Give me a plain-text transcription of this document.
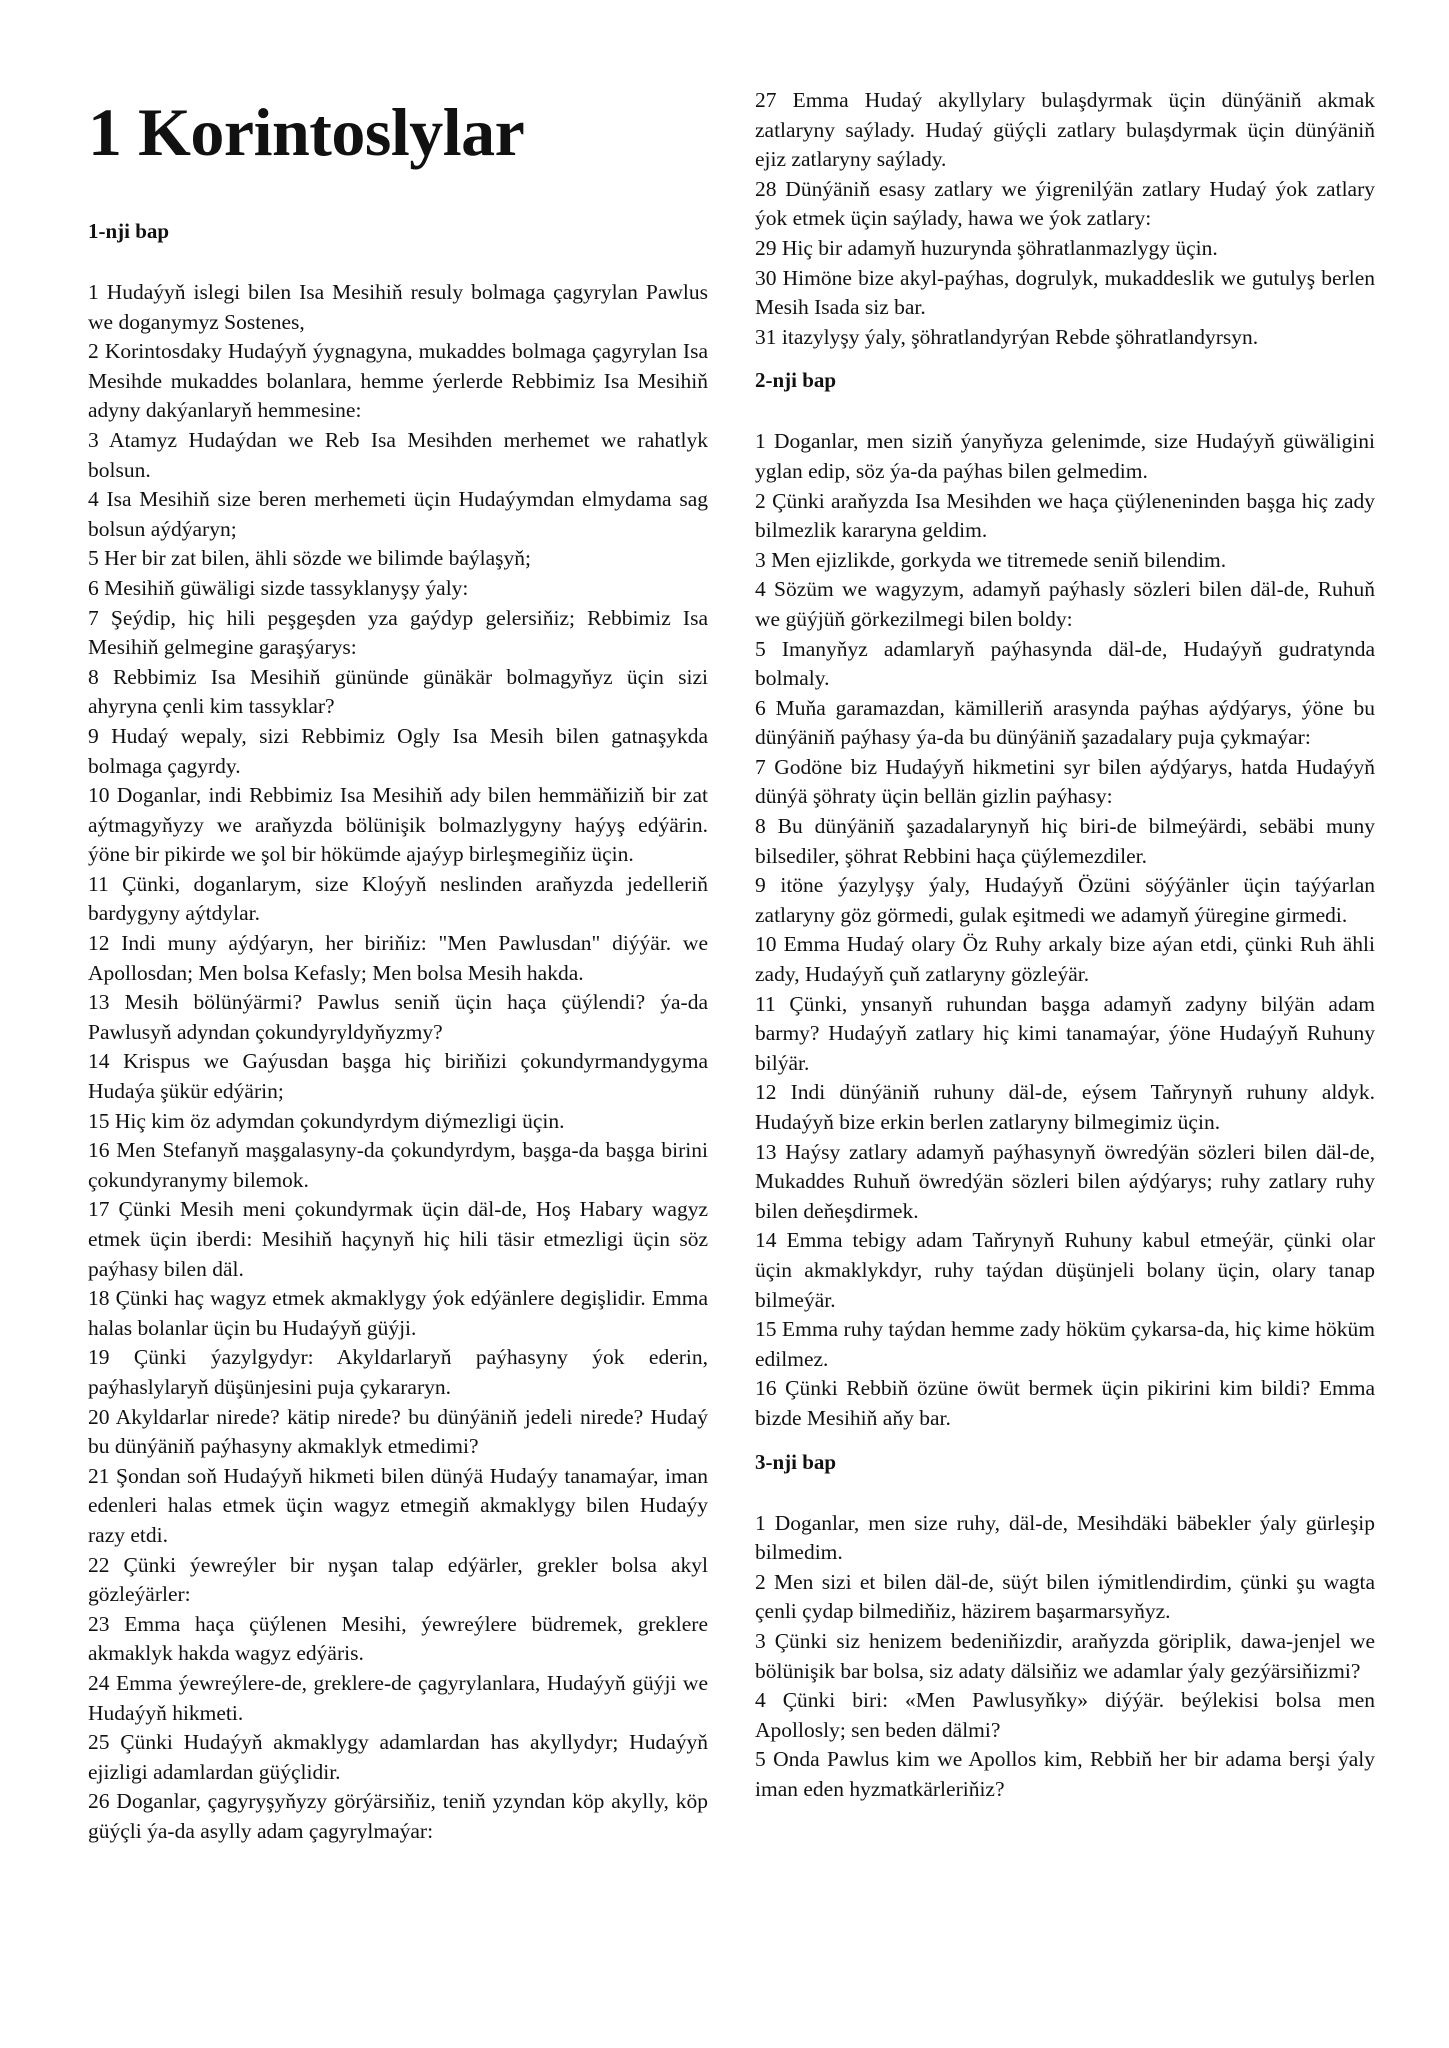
1 Korintoslylar
1-nji bap

1 Hudaýyň islegi bilen Isa Mesihiň resuly bolmaga çagyrylan Pawlus we doganymyz Sostenes,

2 Korintosdaky Hudaýyň ýygnagyna, mukaddes bolmaga çagyrylan Isa Mesihde mukaddes bolanlara, hemme ýerlerde Rebbimiz Isa Mesihiň adyny dakýanlaryň hemmesine:

3 Atamyz Hudaýdan we Reb Isa Mesihden merhemet we rahatlyk bolsun.

4 Isa Mesihiň size beren merhemeti üçin Hudaýymdan elmydama sag bolsun aýdýaryn;

5 Her bir zat bilen, ähli sözde we bilimde baýlaşyň;

6 Mesihiň güwäligi sizde tassyklanyşy ýaly:

7 Şeýdip, hiç hili peşgeşden yza gaýdyp gelersiňiz; Rebbimiz Isa Mesihiň gelmegine garaşýarys:

8 Rebbimiz Isa Mesihiň gününde günäkär bolmagyňyz üçin sizi ahyryna çenli kim tassyklar?

9 Hudaý wepaly, sizi Rebbimiz Ogly Isa Mesih bilen gatnaşykda bolmaga çagyrdy.

10 Doganlar, indi Rebbimiz Isa Mesihiň ady bilen hemmäňiziň bir zat aýtmagyňyzy we araňyzda bölünişik bolmazlygyny haýyş edýärin. ýöne bir pikirde we şol bir hökümde ajaýyp birleşmegiňiz üçin.

11 Çünki, doganlarym, size Kloýyň neslinden araňyzda jedelleriň bardygyny aýtdylar.

12 Indi muny aýdýaryn, her biriňiz: "Men Pawlusdan" diýýär. we Apollosdan; Men bolsa Kefasly; Men bolsa Mesih hakda.

13 Mesih bölünýärmi? Pawlus seniň üçin haça çüýlendi? ýa-da Pawlusyň adyndan çokundyryldyňyzmy?

14 Krispus we Gaýusdan başga hiç biriňizi çokundyrmandygyma Hudaýa şükür edýärin;

15 Hiç kim öz adymdan çokundyrdym diýmezligi üçin.

16 Men Stefanyň maşgalasyny-da çokundyrdym, başga-da başga birini çokundyranymy bilemok.

17 Çünki Mesih meni çokundyrmak üçin däl-de, Hoş Habary wagyz etmek üçin iberdi: Mesihiň haçynyň hiç hili täsir etmezligi üçin söz paýhasy bilen däl.

18 Çünki haç wagyz etmek akmaklygy ýok edýänlere degişlidir. Emma halas bolanlar üçin bu Hudaýyň güýji.

19 Çünki ýazylgydyr: Akyldarlaryň paýhasyny ýok ederin, paýhaslylaryň düşünjesini puja çykararyn.

20 Akyldarlar nirede? kätip nirede? bu dünýäniň jedeli nirede? Hudaý bu dünýäniň paýhasyny akmaklyk etmedimi?

21 Şondan soň Hudaýyň hikmeti bilen dünýä Hudaýy tanamaýar, iman edenleri halas etmek üçin wagyz etmegiň akmaklygy bilen Hudaýy razy etdi.

22 Çünki ýewreýler bir nyşan talap edýärler, grekler bolsa akyl gözleýärler:

23 Emma haça çüýlenen Mesihi, ýewreýlere büdremek, greklere akmaklyk hakda wagyz edýäris.

24 Emma ýewreýlere-de, greklere-de çagyrylanlara, Hudaýyň güýji we Hudaýyň hikmeti.

25 Çünki Hudaýyň akmaklygy adamlardan has akyllydyr; Hudaýyň ejizligi adamlardan güýçlidir.

26 Doganlar, çagyryşyňyzy görýärsiňiz, teniň yzyndan köp akylly, köp güýçli ýa-da asylly adam çagyrylmaýar:

27 Emma Hudaý akyllylary bulaşdyrmak üçin dünýäniň akmak zatlaryny saýlady. Hudaý güýçli zatlary bulaşdyrmak üçin dünýäniň ejiz zatlaryny saýlady.

28 Dünýäniň esasy zatlary we ýigrenilýän zatlary Hudaý ýok zatlary ýok etmek üçin saýlady, hawa we ýok zatlary:

29 Hiç bir adamyň huzurynda şöhratlanmazlygy üçin.

30 Himöne bize akyl-paýhas, dogrulyk, mukaddeslik we gutulyş berlen Mesih Isada siz bar.

31 itazylyşy ýaly, şöhratlandyrýan Rebde şöhratlandyrsyn.

2-nji bap

1 Doganlar, men siziň ýanyňyza gelenimde, size Hudaýyň güwäligini yglan edip, söz ýa-da paýhas bilen gelmedim.

2 Çünki araňyzda Isa Mesihden we haça çüýleneninden başga hiç zady bilmezlik kararyna geldim.

3 Men ejizlikde, gorkyda we titremede seniň bilendim.

4 Sözüm we wagyzym, adamyň paýhasly sözleri bilen däl-de, Ruhuň we güýjüň görkezilmegi bilen boldy:

5 Imanyňyz adamlaryň paýhasynda däl-de, Hudaýyň gudratynda bolmaly.

6 Muňa garamazdan, kämilleriň arasynda paýhas aýdýarys, ýöne bu dünýäniň paýhasy ýa-da bu dünýäniň şazadalary puja çykmaýar:

7 Godöne biz Hudaýyň hikmetini syr bilen aýdýarys, hatda Hudaýyň dünýä şöhraty üçin bellän gizlin paýhasy:

8 Bu dünýäniň şazadalarynyň hiç biri-de bilmeýärdi, sebäbi muny bilsediler, şöhrat Rebbini haça çüýlemezdiler.

9 itöne ýazylyşy ýaly, Hudaýyň Özüni söýýänler üçin taýýarlan zatlaryny göz görmedi, gulak eşitmedi we adamyň ýüregine girmedi.

10 Emma Hudaý olary Öz Ruhy arkaly bize aýan etdi, çünki Ruh ähli zady, Hudaýyň çuň zatlaryny gözleýär.

11 Çünki, ynsanyň ruhundan başga adamyň zadyny bilýän adam barmy? Hudaýyň zatlary hiç kimi tanamaýar, ýöne Hudaýyň Ruhuny bilýär.

12 Indi dünýäniň ruhuny däl-de, eýsem Taňrynyň ruhuny aldyk. Hudaýyň bize erkin berlen zatlaryny bilmegimiz üçin.

13 Haýsy zatlary adamyň paýhasynyň öwredýän sözleri bilen däl-de, Mukaddes Ruhuň öwredýän sözleri bilen aýdýarys; ruhy zatlary ruhy bilen deňeşdirmek.

14 Emma tebigy adam Taňrynyň Ruhuny kabul etmeýär, çünki olar üçin akmaklykdyr, ruhy taýdan düşünjeli bolany üçin, olary tanap bilmeýär.

15 Emma ruhy taýdan hemme zady höküm çykarsa-da, hiç kime höküm edilmez.

16 Çünki Rebbiň özüne öwüt bermek üçin pikirini kim bildi? Emma bizde Mesihiň aňy bar.

3-nji bap

1 Doganlar, men size ruhy, däl-de, Mesihdäki bäbekler ýaly gürleşip bilmedim.

2 Men sizi et bilen däl-de, süýt bilen iýmitlendirdim, çünki şu wagta çenli çydap bilmediňiz, häzirem başarmarsyňyz.

3 Çünki siz henizem bedeniňizdir, araňyzda göriplik, dawa-jenjel we bölünişik bar bolsa, siz adaty dälsiňiz we adamlar ýaly gezýärsiňizmi?

4 Çünki biri: «Men Pawlusyňky» diýýär. beýlekisi bolsa men Apollosly; sen beden dälmi?

5 Onda Pawlus kim we Apollos kim, Rebbiň her bir adama berşi ýaly iman eden hyzmatkärleriňiz?
